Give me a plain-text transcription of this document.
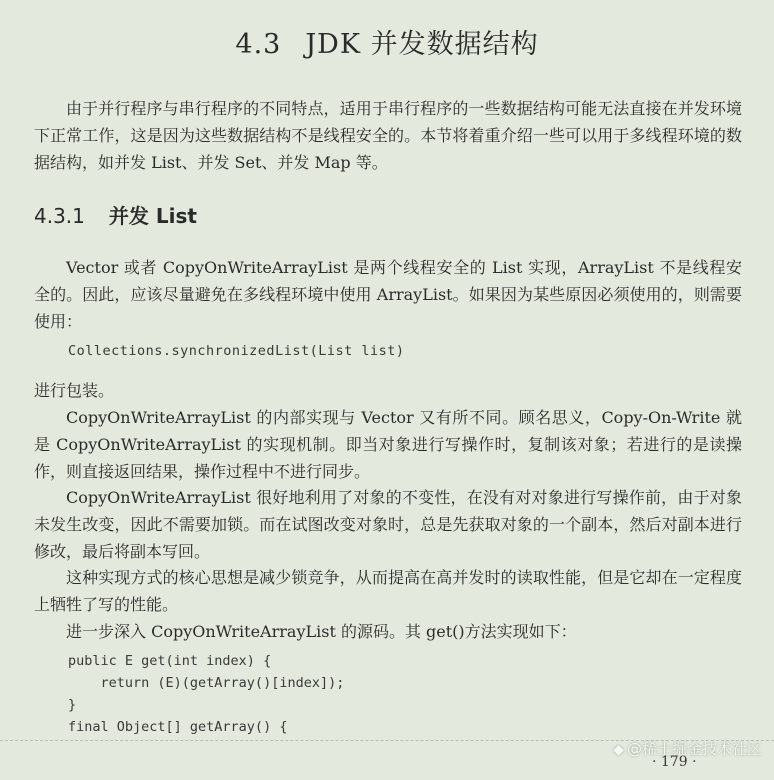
4.3 JDK 并发数据结构
由于并行程序与串行程序的不同特点，适用于串行程序的一些数据结构可能无法直接在并发环境下正常工作，这是因为这些数据结构不是线程安全的。本节将着重介绍一些可以用于多线程环境的数据结构，如并发 List、并发 Set、并发 Map 等。
4.3.1 并发 List
Vector 或者 CopyOnWriteArrayList 是两个线程安全的 List 实现，ArrayList 不是线程安全的。因此，应该尽量避免在多线程环境中使用 ArrayList。如果因为某些原因必须使用的，则需要使用：
Collections.synchronizedList(List list)
进行包装。
CopyOnWriteArrayList 的内部实现与 Vector 又有所不同。顾名思义，Copy-On-Write 就是 CopyOnWriteArrayList 的实现机制。即当对象进行写操作时，复制该对象；若进行的是读操作，则直接返回结果，操作过程中不进行同步。
CopyOnWriteArrayList 很好地利用了对象的不变性，在没有对对象进行写操作前，由于对象未发生改变，因此不需要加锁。而在试图改变对象时，总是先获取对象的一个副本，然后对副本进行修改，最后将副本写回。
这种实现方式的核心思想是减少锁竞争，从而提高在高并发时的读取性能，但是它却在一定程度上牺牲了写的性能。
进一步深入 CopyOnWriteArrayList 的源码。其 get()方法实现如下：
public E get(int index) {
return (E)(getArray()[index]);
}
final Object[] getArray() {
◆ @稀土掘金技术社区
· 179 ·
